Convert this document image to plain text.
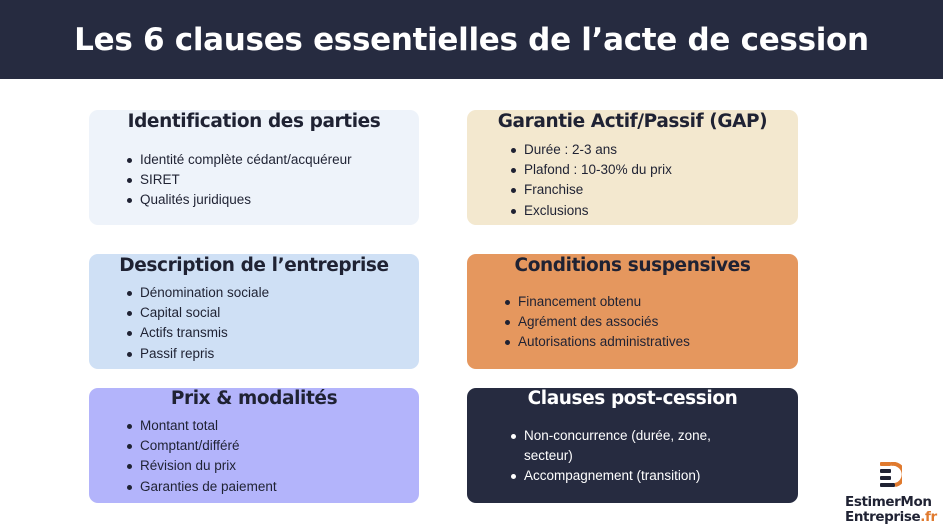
Les 6 clauses essentielles de l’acte de cession
Identification des parties
Identité complète cédant/acquéreur
SIRET
Qualités juridiques
Garantie Actif/Passif (GAP)
Durée : 2-3 ans
Plafond : 10-30% du prix
Franchise
Exclusions
Description de l’entreprise
Dénomination sociale
Capital social
Actifs transmis
Passif repris
Conditions suspensives
Financement obtenu
Agrément des associés
Autorisations administratives
Prix & modalités
Montant total
Comptant/différé
Révision du prix
Garanties de paiement
Clauses post-cession
Non-concurrence (durée, zone, secteur)
Accompagnement (transition)
EstimerMon
Entreprise.fr
